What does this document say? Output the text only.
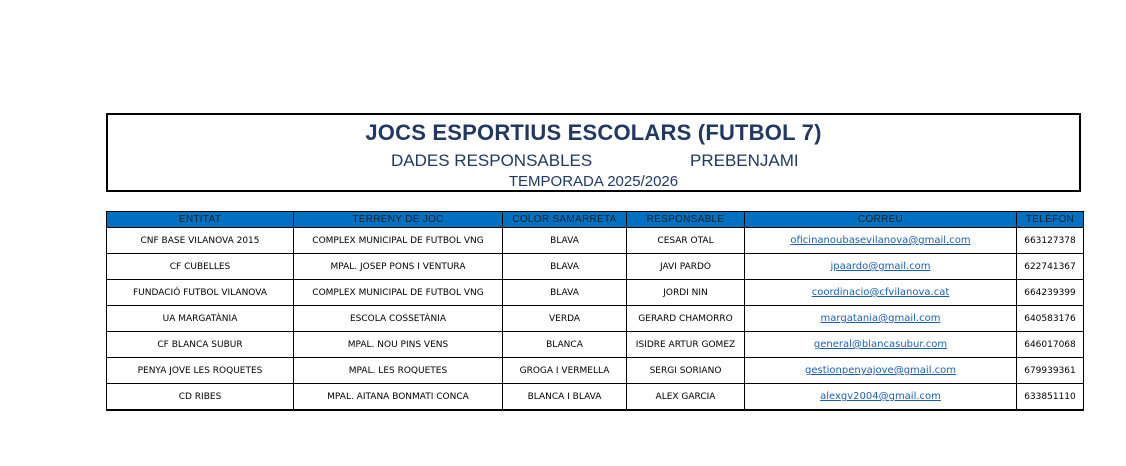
JOCS ESPORTIUS ESCOLARS (FUTBOL 7)
DADES RESPONSABLES	PREBENJAMI
TEMPORADA 2025/2026
ENTITAT	TERRENY DE JOC	COLOR SAMARRETA	RESPONSABLE	CORREU	TELÈFON
CNF BASE VILANOVA 2015	COMPLEX MUNICIPAL DE FUTBOL VNG	BLAVA	CESAR OTAL	oficinanoubasevilanova@gmail.com	663127378
CF CUBELLES	MPAL. JOSEP PONS I VENTURA	BLAVA	JAVI PARDO	jpaardo@gmail.com	622741367
FUNDACIÓ FUTBOL VILANOVA	COMPLEX MUNICIPAL DE FUTBOL VNG	BLAVA	JORDI NIN	coordinacio@cfvilanova.cat	664239399
UA MARGATÀNIA	ESCOLA COSSETÀNIA	VERDA	GERARD CHAMORRO	margatania@gmail.com	640583176
CF BLANCA SUBUR	MPAL. NOU PINS VENS	BLANCA	ISIDRE ARTUR GOMEZ	general@blancasubur.com	646017068
PENYA JOVE LES ROQUETES	MPAL. LES ROQUETES	GROGA I VERMELLA	SERGI SORIANO	gestionpenyajove@gmail.com	679939361
CD RIBES	MPAL. AITANA BONMATI CONCA	BLANCA I BLAVA	ALEX GARCIA	alexgv2004@gmail.com	633851110
